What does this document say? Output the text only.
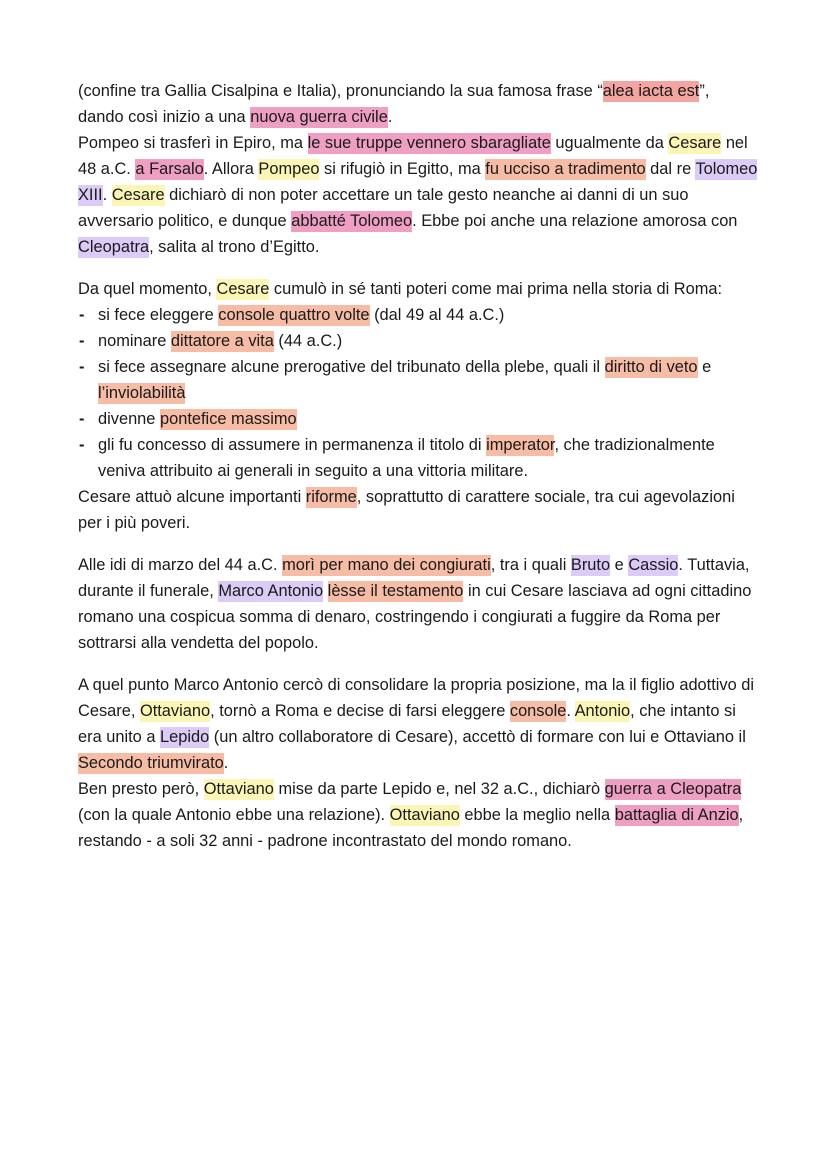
(confine tra Gallia Cisalpina e Italia), pronunciando la sua famosa frase “alea iacta est”, dando così inizio a una nuova guerra civile.

Pompeo si trasferì in Epiro, ma le sue truppe vennero sbaragliate ugualmente da Cesare nel 48 a.C. a Farsalo. Allora Pompeo si rifugiò in Egitto, ma fu ucciso a tradimento dal re Tolomeo XIII. Cesare dichiarò di non poter accettare un tale gesto neanche ai danni di un suo avversario politico, e dunque abbatté Tolomeo. Ebbe poi anche una relazione amorosa con Cleopatra, salita al trono d’Egitto.

Da quel momento, Cesare cumulò in sé tanti poteri come mai prima nella storia di Roma:

- si fece eleggere console quattro volte (dal 49 al 44 a.C.)
- nominare dittatore a vita (44 a.C.)
- si fece assegnare alcune prerogative del tribunato della plebe, quali il diritto di veto e l’inviolabilità
- divenne pontefice massimo
- gli fu concesso di assumere in permanenza il titolo di imperator, che tradizionalmente veniva attribuito ai generali in seguito a una vittoria militare.

Cesare attuò alcune importanti riforme, soprattutto di carattere sociale, tra cui agevolazioni per i più poveri.

Alle idi di marzo del 44 a.C. morì per mano dei congiurati, tra i quali Bruto e Cassio. Tuttavia, durante il funerale, Marco Antonio lèsse il testamento in cui Cesare lasciava ad ogni cittadino romano una cospicua somma di denaro, costringendo i congiurati a fuggire da Roma per sottrarsi alla vendetta del popolo.

A quel punto Marco Antonio cercò di consolidare la propria posizione, ma la il figlio adottivo di Cesare, Ottaviano, tornò a Roma e decise di farsi eleggere console. Antonio, che intanto si era unito a Lepido (un altro collaboratore di Cesare), accettò di formare con lui e Ottaviano il Secondo triumvirato.

Ben presto però, Ottaviano mise da parte Lepido e, nel 32 a.C., dichiarò guerra a Cleopatra (con la quale Antonio ebbe una relazione). Ottaviano ebbe la meglio nella battaglia di Anzio, restando - a soli 32 anni - padrone incontrastato del mondo romano.
